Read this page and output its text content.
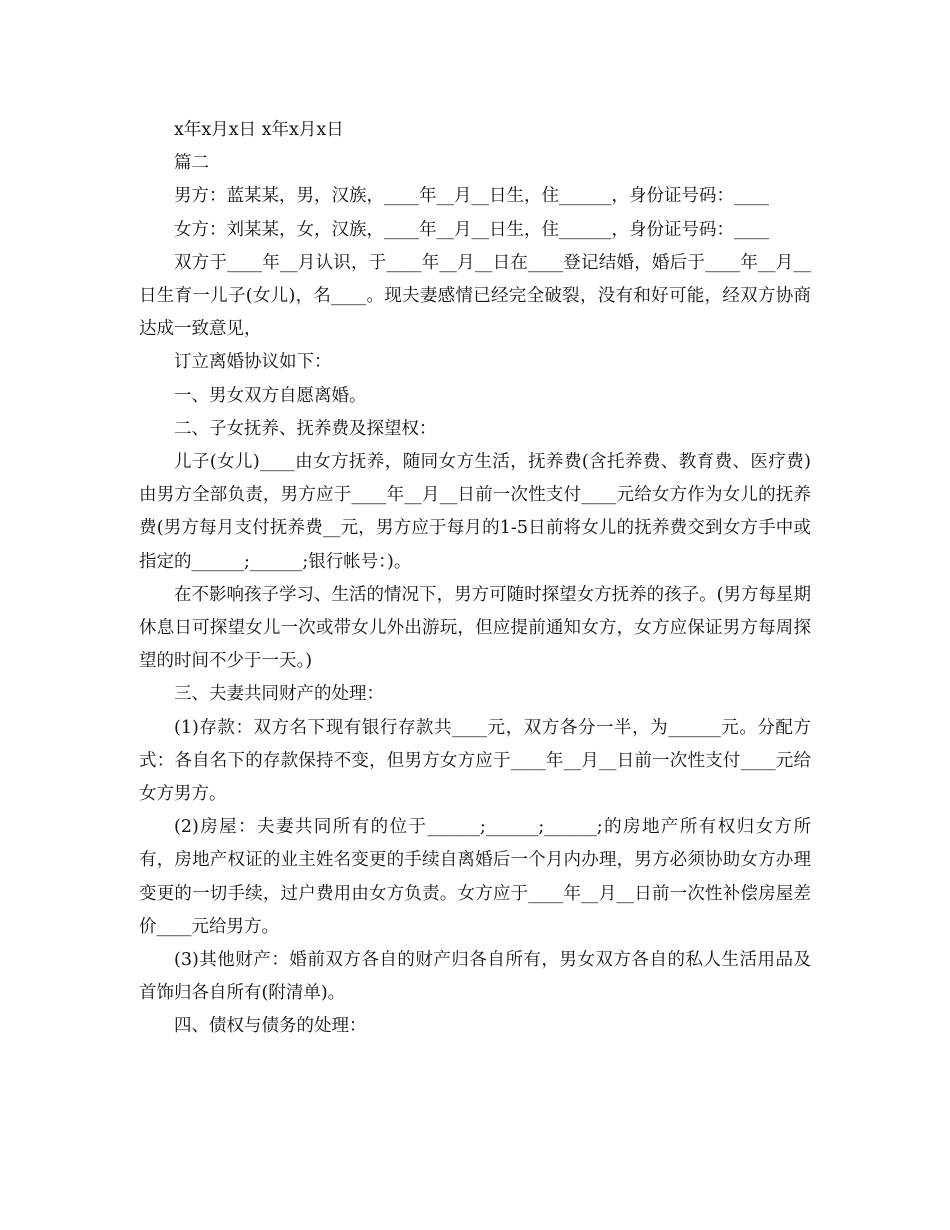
x年x月x日 x年x月x日

篇二

男方：蓝某某，男，汉族，____年__月__日生，住______，身份证号码：____

女方：刘某某，女，汉族，____年__月__日生，住______，身份证号码：____

双方于____年__月认识，于____年__月__日在____登记结婚，婚后于____年__月__日生育一儿子(女儿)，名____。现夫妻感情已经完全破裂，没有和好可能，经双方协商达成一致意见，

订立离婚协议如下：

一、男女双方自愿离婚。

二、子女抚养、抚养费及探望权：

儿子(女儿)____由女方抚养，随同女方生活，抚养费(含托养费、教育费、医疗费)由男方全部负责，男方应于____年__月__日前一次性支付____元给女方作为女儿的抚养费(男方每月支付抚养费__元，男方应于每月的1-5日前将女儿的抚养费交到女方手中或指定的______;______;银行帐号：)。

在不影响孩子学习、生活的情况下，男方可随时探望女方抚养的孩子。(男方每星期休息日可探望女儿一次或带女儿外出游玩，但应提前通知女方，女方应保证男方每周探望的时间不少于一天。)

三、夫妻共同财产的处理：

(1)存款：双方名下现有银行存款共____元，双方各分一半，为______元。分配方式：各自名下的存款保持不变，但男方女方应于____年__月__日前一次性支付____元给女方男方。

(2)房屋：夫妻共同所有的位于______;______;______;的房地产所有权归女方所有，房地产权证的业主姓名变更的手续自离婚后一个月内办理，男方必须协助女方办理变更的一切手续，过户费用由女方负责。女方应于____年__月__日前一次性补偿房屋差价____元给男方。

(3)其他财产：婚前双方各自的财产归各自所有，男女双方各自的私人生活用品及首饰归各自所有(附清单)。

四、债权与债务的处理：
